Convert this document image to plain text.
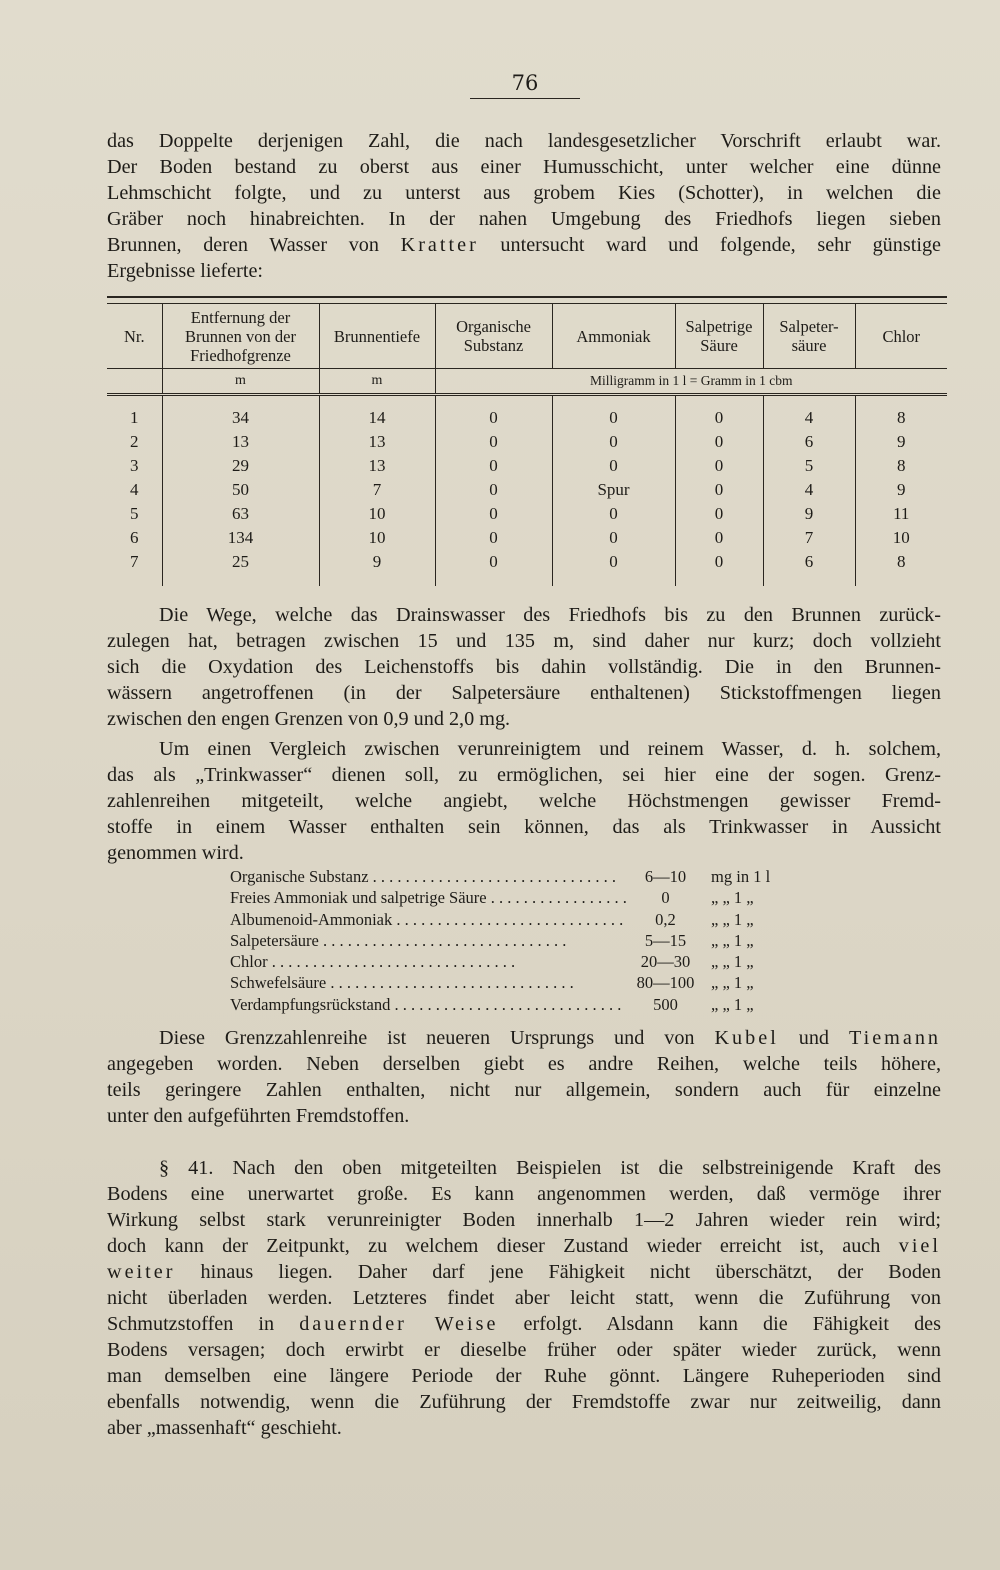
76
das Doppelte derjenigen Zahl, die nach landesgesetzlicher Vorschrift erlaubt war.
Der Boden bestand zu oberst aus einer Humusschicht, unter welcher eine dünne
Lehmschicht folgte, und zu unterst aus grobem Kies (Schotter), in welchen die
Gräber noch hinabreichten. In der nahen Umgebung des Friedhofs liegen sieben
Brunnen, deren Wasser von Kratter untersucht ward und folgende, sehr günstige
Ergebnisse lieferte:
Nr.	Entfernung der Brunnen von der Friedhofgrenze	Brunnentiefe	Organische Substanz	Ammoniak	Salpetrige Säure	Salpeter-säure	Chlor
	m	m	Milligramm in 1 l = Gramm in 1 cbm				
1	34	14	0	0	0	4	8
2	13	13	0	0	0	6	9
3	29	13	0	0	0	5	8
4	50	7	0	Spur	0	4	9
5	63	10	0	0	0	9	11
6	134	10	0	0	0	7	10
7	25	9	0	0	0	6	8
Die Wege, welche das Drainswasser des Friedhofs bis zu den Brunnen zurück-
zulegen hat, betragen zwischen 15 und 135 m, sind daher nur kurz; doch vollzieht
sich die Oxydation des Leichenstoffs bis dahin vollständig. Die in den Brunnen-
wässern angetroffenen (in der Salpetersäure enthaltenen) Stickstoffmengen liegen
zwischen den engen Grenzen von 0,9 und 2,0 mg.
Um einen Vergleich zwischen verunreinigtem und reinem Wasser, d. h. solchem,
das als „Trinkwasser“ dienen soll, zu ermöglichen, sei hier eine der sogen. Grenz-
zahlenreihen mitgeteilt, welche angiebt, welche Höchstmengen gewisser Fremd-
stoffe in einem Wasser enthalten sein können, das als Trinkwasser in Aussicht
genommen wird.
Organische Substanz . . .	6—10	mg in 1 l
Freies Ammoniak und salpetrige Säure . . .	0	„ „ 1 „
Albumenoid-Ammoniak . . .	0,2	„ „ 1 „
Salpetersäure . . .	5—15	„ „ 1 „
Chlor . . .	20—30	„ „ 1 „
Schwefelsäure . . .	80—100	„ „ 1 „
Verdampfungsrückstand . . .	500	„ „ 1 „
Diese Grenzzahlenreihe ist neueren Ursprungs und von Kubel und Tiemann
angegeben worden. Neben derselben giebt es andre Reihen, welche teils höhere,
teils geringere Zahlen enthalten, nicht nur allgemein, sondern auch für einzelne
unter den aufgeführten Fremdstoffen.
§ 41. Nach den oben mitgeteilten Beispielen ist die selbstreinigende Kraft des
Bodens eine unerwartet große. Es kann angenommen werden, daß vermöge ihrer
Wirkung selbst stark verunreinigter Boden innerhalb 1—2 Jahren wieder rein wird;
doch kann der Zeitpunkt, zu welchem dieser Zustand wieder erreicht ist, auch viel
weiter hinaus liegen. Daher darf jene Fähigkeit nicht überschätzt, der Boden
nicht überladen werden. Letzteres findet aber leicht statt, wenn die Zuführung von
Schmutzstoffen in dauernder Weise erfolgt. Alsdann kann die Fähigkeit des
Bodens versagen; doch erwirbt er dieselbe früher oder später wieder zurück, wenn
man demselben eine längere Periode der Ruhe gönnt. Längere Ruheperioden sind
ebenfalls notwendig, wenn die Zuführung der Fremdstoffe zwar nur zeitweilig, dann
aber „massenhaft“ geschieht.
